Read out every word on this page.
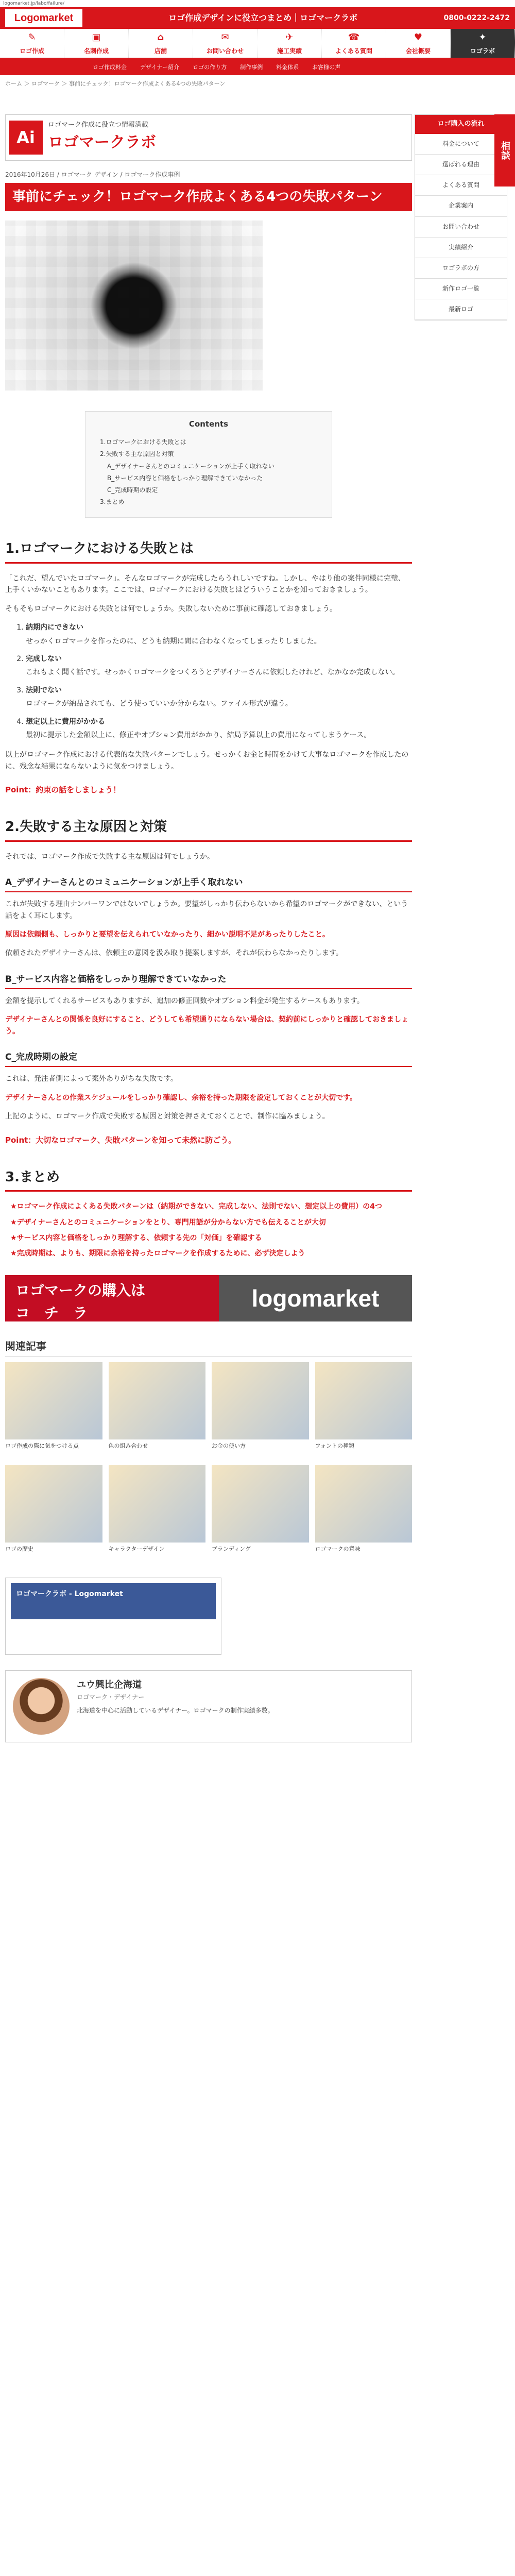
logomarket.jp/labo/failure/
Logomarket	ロゴ作成デザインに役立つまとめ｜ロゴマークラボ	0800-0222-2472
✎
ロゴ作成
▣
名刺作成
⌂
店舗
✉
お問い合わせ
✈
施工実績
☎
よくある質問
♥
会社概要
✦
ロゴラボ
ロゴ作成料金 デザイナー紹介 ロゴの作り方 制作事例 料金体系 お客様の声
ホーム ＞ ロゴマーク ＞ 事前にチェック！ロゴマーク作成よくある4つの失敗パターン
Ai
ロゴマーク作成に役立つ情報満載
ロゴマークラボ
2016年10月26日 / ロゴマーク デザイン / ロゴマーク作成事例
事前にチェック！ロゴマーク作成よくある4つの失敗パターン
Contents
1.ロゴマークにおける失敗とは
2.失敗する主な原因と対策
A_デザイナーさんとのコミュニケーションが上手く取れない
B_サービス内容と価格をしっかり理解できていなかった
C_完成時期の設定
3.まとめ
1.ロゴマークにおける失敗とは

「これだ、望んでいたロゴマーク」。そんなロゴマークが完成したらうれしいですね。しかし、やはり他の案件同様に完璧、上手くいかないこともあります。ここでは、ロゴマークにおける失敗とはどういうことかを知っておきましょう。

そもそもロゴマークにおける失敗とは何でしょうか。失敗しないために事前に確認しておきましょう。

1. 納期内にできない
せっかくロゴマークを作ったのに、どうも納期に間に合わなくなってしまったりしました。
2. 完成しない
これもよく聞く話です。せっかくロゴマークをつくろうとデザイナーさんに依頼したけれど、なかなか完成しない。
3. 法則でない
ロゴマークが納品されても、どう使っていいか分からない。ファイル形式が違う。
4. 想定以上に費用がかかる
最初に提示した金額以上に、修正やオプション費用がかかり、結局予算以上の費用になってしまうケース。

以上がロゴマーク作成における代表的な失敗パターンでしょう。せっかくお金と時間をかけて大事なロゴマークを作成したのに、残念な結果にならないように気をつけましょう。

Point：約束の話をしましょう！
2.失敗する主な原因と対策

それでは、ロゴマーク作成で失敗する主な原因は何でしょうか。

A_デザイナーさんとのコミュニケーションが上手く取れない

これが失敗する理由ナンバーワンではないでしょうか。要望がしっかり伝わらないから希望のロゴマークができない、という話をよく耳にします。

原因は依頼側も、しっかりと要望を伝えられていなかったり、細かい説明不足があったりしたこと。

依頼されたデザイナーさんは、依頼主の意図を汲み取り提案しますが、それが伝わらなかったりします。

B_サービス内容と価格をしっかり理解できていなかった

金額を提示してくれるサービスもありますが、追加の修正回数やオプション料金が発生するケースもあります。

デザイナーさんとの関係を良好にすること、どうしても希望通りにならない場合は、契約前にしっかりと確認しておきましょう。

C_完成時期の設定

これは、発注者側によって案外ありがちな失敗です。

デザイナーさんとの作業スケジュールをしっかり確認し、余裕を持った期限を設定しておくことが大切です。

上記のように、ロゴマーク作成で失敗する原因と対策を押さえておくことで、制作に臨みましょう。

Point：大切なロゴマーク、失敗パターンを知って未然に防ごう。
3.まとめ
★ロゴマーク作成によくある失敗パターンは（納期ができない、完成しない、法則でない、想定以上の費用）の4つ
★デザイナーさんとのコミュニケーションをとり、専門用語が分からない方でも伝えることが大切
★サービス内容と価格をしっかり理解する、依頼する先の「対価」を確認する
★完成時期は、よりも、期限に余裕を持ったロゴマークを作成するために、必ず決定しよう
ロゴマークの購入は
コ　チ　ラ
logomarket
関連記事
ロゴ作成の際に気をつける点	色の組み合わせ	お金の使い方	フォントの種類
ロゴの歴史	キャラクターデザイン	ブランディング	ロゴマークの意味
ロゴマークラボ - Logomarket
ユウ興比企海道
ロゴマーク・デザイナー

北海道を中心に活動しているデザイナー。ロゴマークの制作実績多数。

ロゴ購入の流れ
料金について
選ばれる理由
よくある質問
企業案内
お問い合わせ
実績紹介
ロゴラボの方
新作ロゴ一覧
最新ロゴ
相談
